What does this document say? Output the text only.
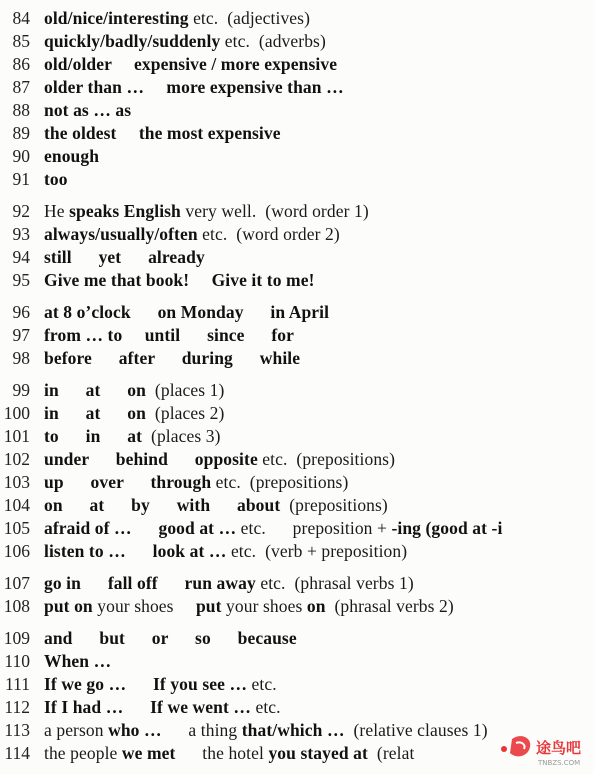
84 old/nice/interesting etc.  (adjectives)
85 quickly/badly/suddenly etc.  (adverbs)
86 old/older     expensive / more expensive
87 older than …     more expensive than …
88 not as … as
89 the oldest     the most expensive
90 enough
91 too
92 He speaks English very well.  (word order 1)
93 always/usually/often etc.  (word order 2)
94 still      yet      already
95 Give me that book!     Give it to me!
96 at 8 o’clock      on Monday      in April
97 from … to     until      since      for
98 before      after      during      while
99 in      at      on  (places 1)
100 in      at      on  (places 2)
101 to      in      at  (places 3)
102 under      behind      opposite etc.  (prepositions)
103 up      over      through etc.  (prepositions)
104 on      at      by      with      about  (prepositions)
105 afraid of …      good at … etc.      preposition + -ing (good at -i
106 listen to …      look at … etc.  (verb + preposition)
107 go in      fall off      run away etc.  (phrasal verbs 1)
108 put on your shoes     put your shoes on  (phrasal verbs 2)
109 and      but      or      so      because
110 When …
111 If we go …      If you see … etc.
112 If I had …      If we went … etc.
113 a person who …      a thing that/which …  (relative clauses 1)
114 the people we met      the hotel you stayed at  (relat	途鸟吧
TNBZS.COM
